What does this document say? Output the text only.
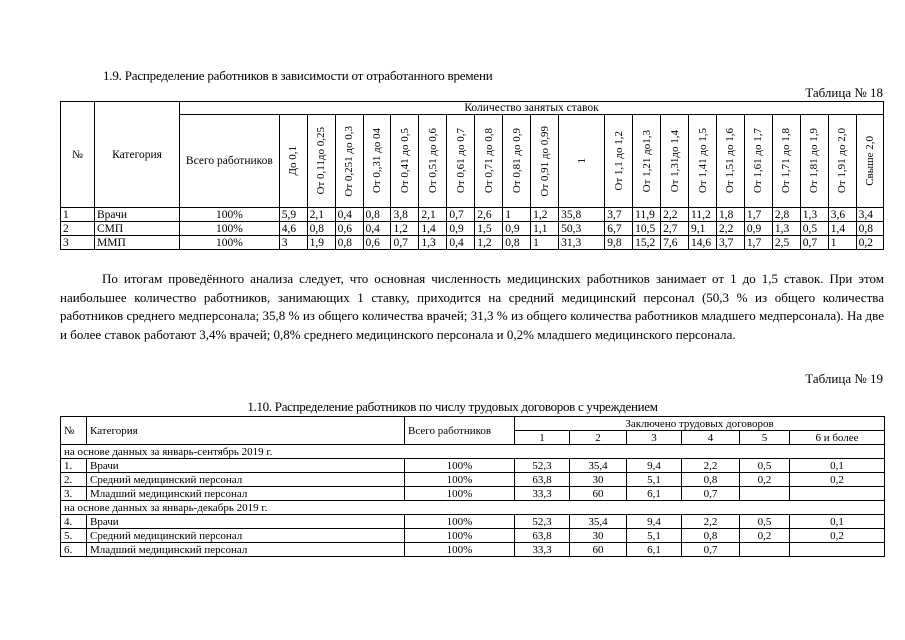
1.9. Распределение работников в зависимости от отработанного времени
Таблица № 18
№	Категория	Количество занятых ставок																					
		Всего работников	До 0,1	От 0,11до 0,25	От 0,251 до 0,3	От 0,,31 до 04	От 0,41 до 0,5	От 0,51 до 0,6	От 0,61 до 0,7	От 0,71 до 0,8	От 0,81 до 0,9	От 0,91 до 0,99	1	От 1,1 до 1,2	От 1,21 до1,3	От 1,31до 1,4	От 1,41 до 1,5	От 1,51 до 1,6	От 1,61 до 1,7	От 1,71 до 1,8	От 1,81 до 1,9	От 1,91 до 2,0	Свыше 2,0

1	Врачи	100%	5,9	2,1	0,4	0,8	3,8	2,1	0,7	2,6	1	1,2	35,8	3,7	11,9	2,2	11,2	1,8	1,7	2,8	1,3	3,6	3,4
2	СМП	100%	4,6	0,8	0,6	0,4	1,2	1,4	0,9	1,5	0,9	1,1	50,3	6,7	10,5	2,7	9,1	2,2	0,9	1,3	0,5	1,4	0,8
3	ММП	100%	3	1,9	0,8	0,6	0,7	1,3	0,4	1,2	0,8	1	31,3	9,8	15,2	7,6	14,6	3,7	1,7	2,5	0,7	1	0,2

По итогам проведённого анализа следует, что основная численность медицинских работников занимает от 1 до 1,5 ставок. При этом наибольшее количество работников, занимающих 1 ставку, приходится на средний медицинский персонал (50,3 % из общего количества работников среднего медперсонала; 35,8 % из общего количества врачей; 31,3 % из общего количества работников младшего медперсонала). На две и более ставок работают 3,4% врачей; 0,8% среднего медицинского персонала и 0,2% младшего медицинского персонала.

Таблица № 19
1.10. Распределение работников по числу трудовых договоров с учреждением
№	Категория	Всего работников	Заключено трудовых договоров					
			1	2	3	4	5	6 и более
на основе данных за январь-сентябрь 2019 г.								
1.	Врачи	100%	52,3	35,4	9,4	2,2	0,5	0,1
2.	Средний медицинский персонал	100%	63,8	30	5,1	0,8	0,2	0,2
3.	Младший медицинский персонал	100%	33,3	60	6,1	0,7		
на основе данных за январь-декабрь 2019 г.								
4.	Врачи	100%	52,3	35,4	9,4	2,2	0,5	0,1
5.	Средний медицинский персонал	100%	63,8	30	5,1	0,8	0,2	0,2
6.	Младший медицинский персонал	100%	33,3	60	6,1	0,7		
